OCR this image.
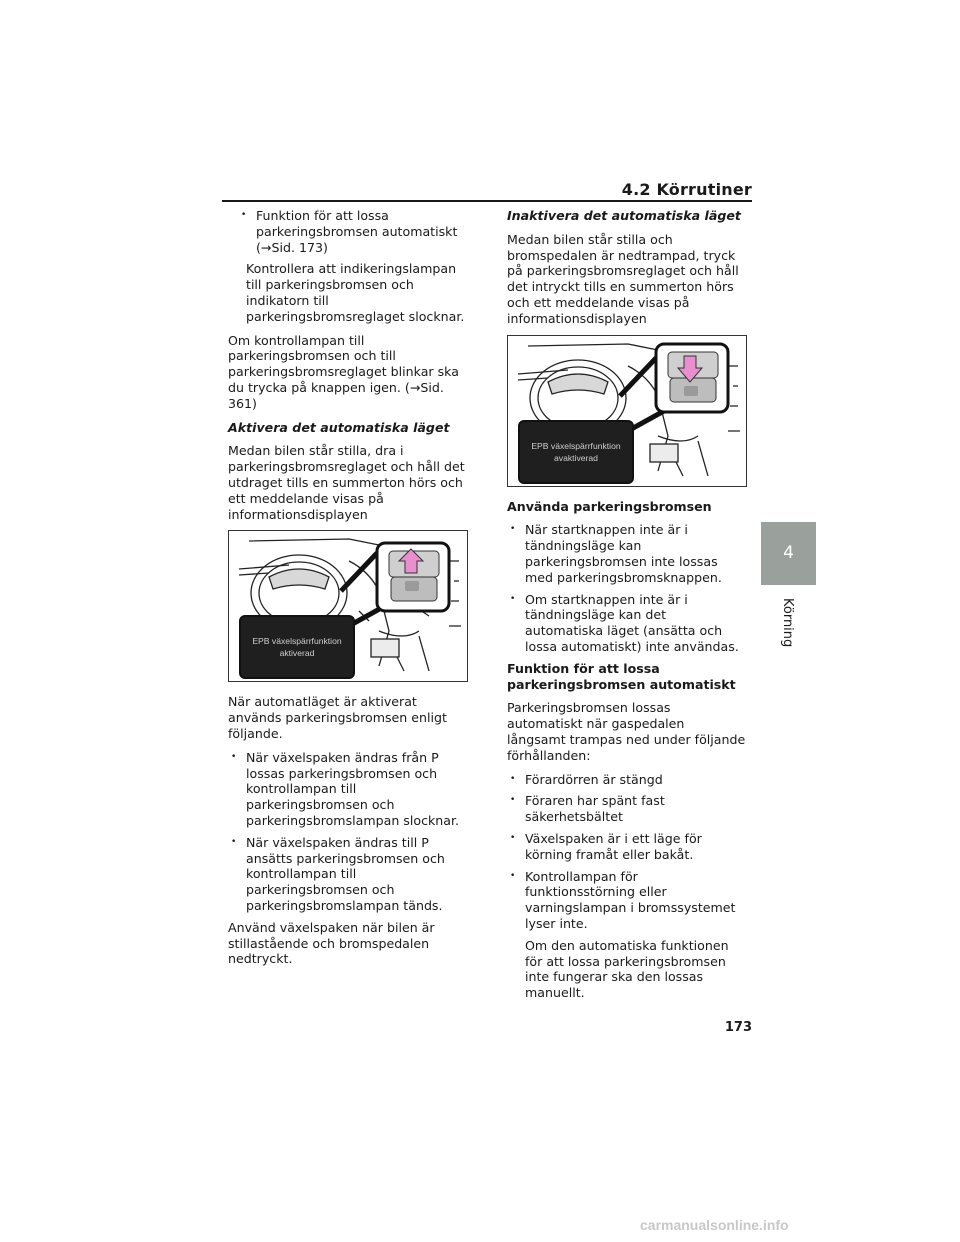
4.2 Körrutiner
• Funktion för att lossa parkeringsbromsen automatiskt (→Sid. 173)

Kontrollera att indikeringslampan till parkeringsbromsen och indikatorn till parkeringsbromsreglaget slocknar.

Om kontrollampan till parkeringsbromsen och till parkeringsbromsreglaget blinkar ska du trycka på knappen igen. (→Sid. 361)

Aktivera det automatiska läget

Medan bilen står stilla, dra i parkeringsbromsreglaget och håll det utdraget tills en summerton hörs och ett meddelande visas på informationsdisplayen

EPB växelspärrfunktion
aktiverad

När automatläget är aktiverat används parkeringsbromsen enligt följande.

• När växelspaken ändras från P lossas parkeringsbromsen och kontrollampan till parkeringsbromsen och parkeringsbromslampan slocknar.
• När växelspaken ändras till P ansätts parkeringsbromsen och kontrollampan till parkeringsbromsen och parkeringsbromslampan tänds.

Använd växelspaken när bilen är stillastående och bromspedalen nedtryckt.

Inaktivera det automatiska läget

Medan bilen står stilla och bromspedalen är nedtrampad, tryck på parkeringsbromsreglaget och håll det intryckt tills en summerton hörs och ett meddelande visas på informationsdisplayen

EPB växelspärrfunktion
avaktiverad
Använda parkeringsbromsen
• När startknappen inte är i tändningsläge kan parkeringsbromsen inte lossas med parkeringsbromsknappen.
• Om startknappen inte är i tändningsläge kan det automatiska läget (ansätta och lossa automatiskt) inte användas.
Funktion för att lossa parkeringsbromsen automatiskt

Parkeringsbromsen lossas automatiskt när gaspedalen långsamt trampas ned under följande förhållanden:

• Förardörren är stängd
• Föraren har spänt fast säkerhetsbältet
• Växelspaken är i ett läge för körning framåt eller bakåt.
• Kontrollampan för funktionsstörning eller varningslampan i bromssystemet lyser inte.

Om den automatiska funktionen för att lossa parkeringsbromsen inte fungerar ska den lossas manuellt.

4
Körning
173
carmanualsonline.info
